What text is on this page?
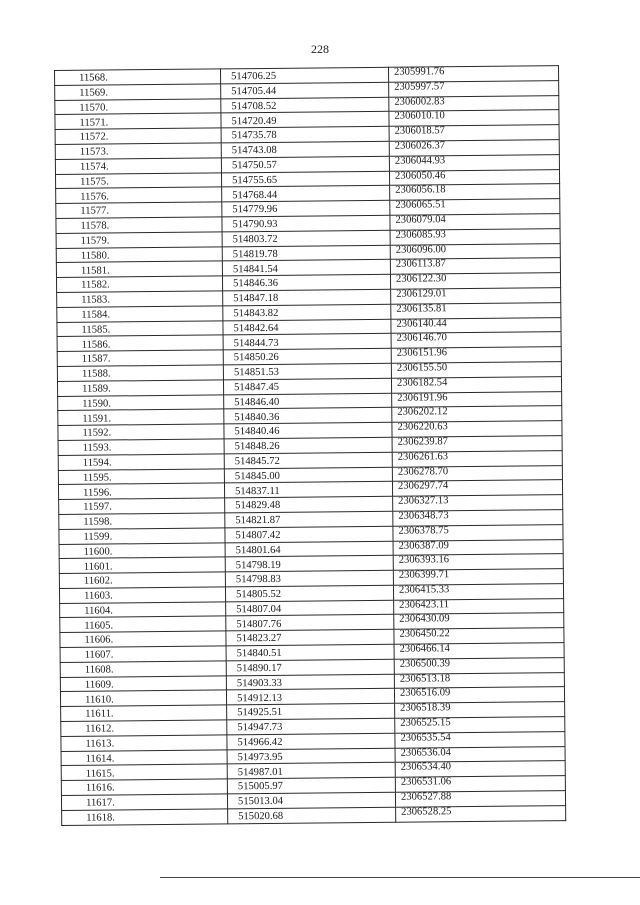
228
11568.	514706.25	2305991.76
11569.	514705.44	2305997.57
11570.	514708.52	2306002.83
11571.	514720.49	2306010.10
11572.	514735.78	2306018.57
11573.	514743.08	2306026.37
11574.	514750.57	2306044.93
11575.	514755.65	2306050.46
11576.	514768.44	2306056.18
11577.	514779.96	2306065.51
11578.	514790.93	2306079.04
11579.	514803.72	2306085.93
11580.	514819.78	2306096.00
11581.	514841.54	2306113.87
11582.	514846.36	2306122.30
11583.	514847.18	2306129.01
11584.	514843.82	2306135.81
11585.	514842.64	2306140.44
11586.	514844.73	2306146.70
11587.	514850.26	2306151.96
11588.	514851.53	2306155.50
11589.	514847.45	2306182.54
11590.	514846.40	2306191.96
11591.	514840.36	2306202.12
11592.	514840.46	2306220.63
11593.	514848.26	2306239.87
11594.	514845.72	2306261.63
11595.	514845.00	2306278.70
11596.	514837.11	2306297.74
11597.	514829.48	2306327.13
11598.	514821.87	2306348.73
11599.	514807.42	2306378.75
11600.	514801.64	2306387.09
11601.	514798.19	2306393.16
11602.	514798.83	2306399.71
11603.	514805.52	2306415.33
11604.	514807.04	2306423.11
11605.	514807.76	2306430.09
11606.	514823.27	2306450.22
11607.	514840.51	2306466.14
11608.	514890.17	2306500.39
11609.	514903.33	2306513.18
11610.	514912.13	2306516.09
11611.	514925.51	2306518.39
11612.	514947.73	2306525.15
11613.	514966.42	2306535.54
11614.	514973.95	2306536.04
11615.	514987.01	2306534.40
11616.	515005.97	2306531.06
11617.	515013.04	2306527.88
11618.	515020.68	2306528.25
